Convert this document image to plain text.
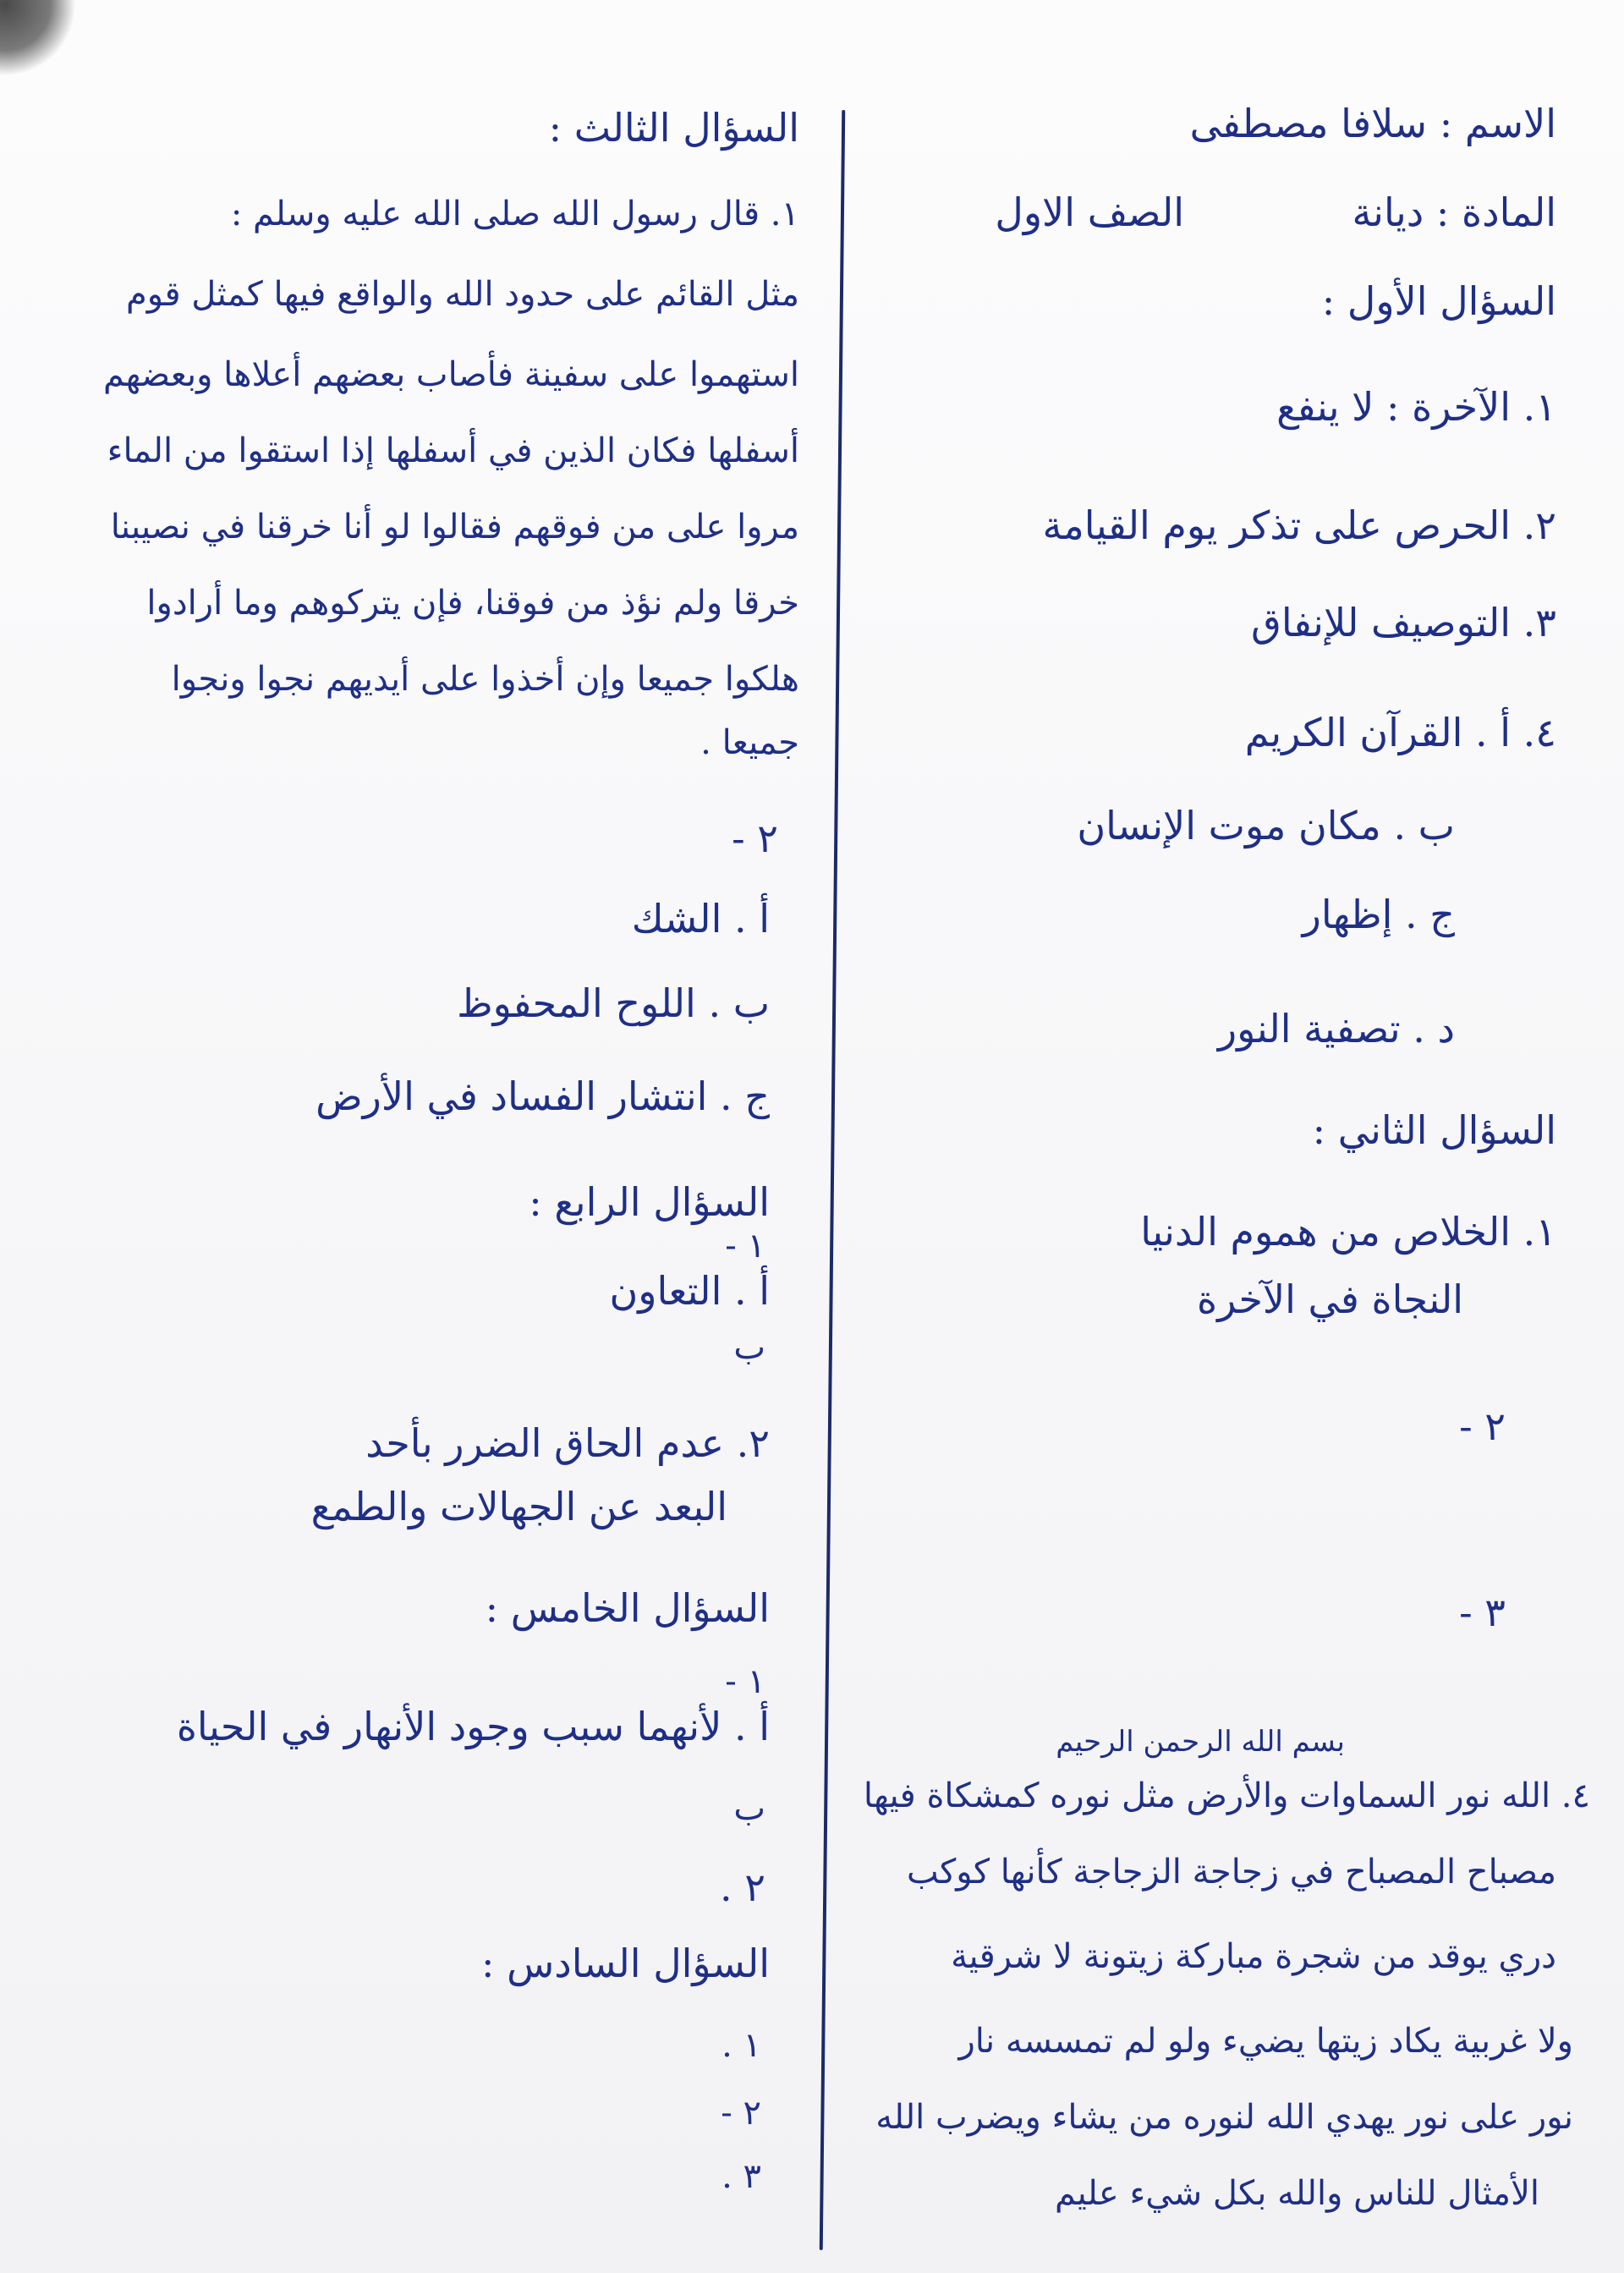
الاسم : سلافا مصطفى
المادة : ديانة
الصف الاول
السؤال الأول :
١. الآخرة : لا ينفع
٢. الحرص على تذكر يوم القيامة
٣. التوصيف للإنفاق
٤. أ . القرآن الكريم
ب . مكان موت الإنسان
ج . إظهار
د . تصفية النور
السؤال الثاني :
١. الخلاص من هموم الدنيا
النجاة في الآخرة
٢ -
٣ -
بسم الله الرحمن الرحيم
٤. الله نور السماوات والأرض مثل نوره كمشكاة فيها
مصباح المصباح في زجاجة الزجاجة كأنها كوكب
دري يوقد من شجرة مباركة زيتونة لا شرقية
ولا غربية يكاد زيتها يضيء ولو لم تمسسه نار
نور على نور يهدي الله لنوره من يشاء ويضرب الله
الأمثال للناس والله بكل شيء عليم
السؤال الثالث :
١. قال رسول الله صلى الله عليه وسلم :
مثل القائم على حدود الله والواقع فيها كمثل قوم
استهموا على سفينة فأصاب بعضهم أعلاها وبعضهم
أسفلها فكان الذين في أسفلها إذا استقوا من الماء
مروا على من فوقهم فقالوا لو أنا خرقنا في نصيبنا
خرقا ولم نؤذ من فوقنا، فإن يتركوهم وما أرادوا
هلكوا جميعا وإن أخذوا على أيديهم نجوا ونجوا
جميعا .
٢ -
أ . الشك
ب . اللوح المحفوظ
ج . انتشار الفساد في الأرض
السؤال الرابع :
١ -
أ . التعاون
ب
٢. عدم الحاق الضرر بأحد
البعد عن الجهالات والطمع
السؤال الخامس :
١ -
أ . لأنهما سبب وجود الأنهار في الحياة
ب
٢ .
السؤال السادس :
١ .
٢ -
٣ .
